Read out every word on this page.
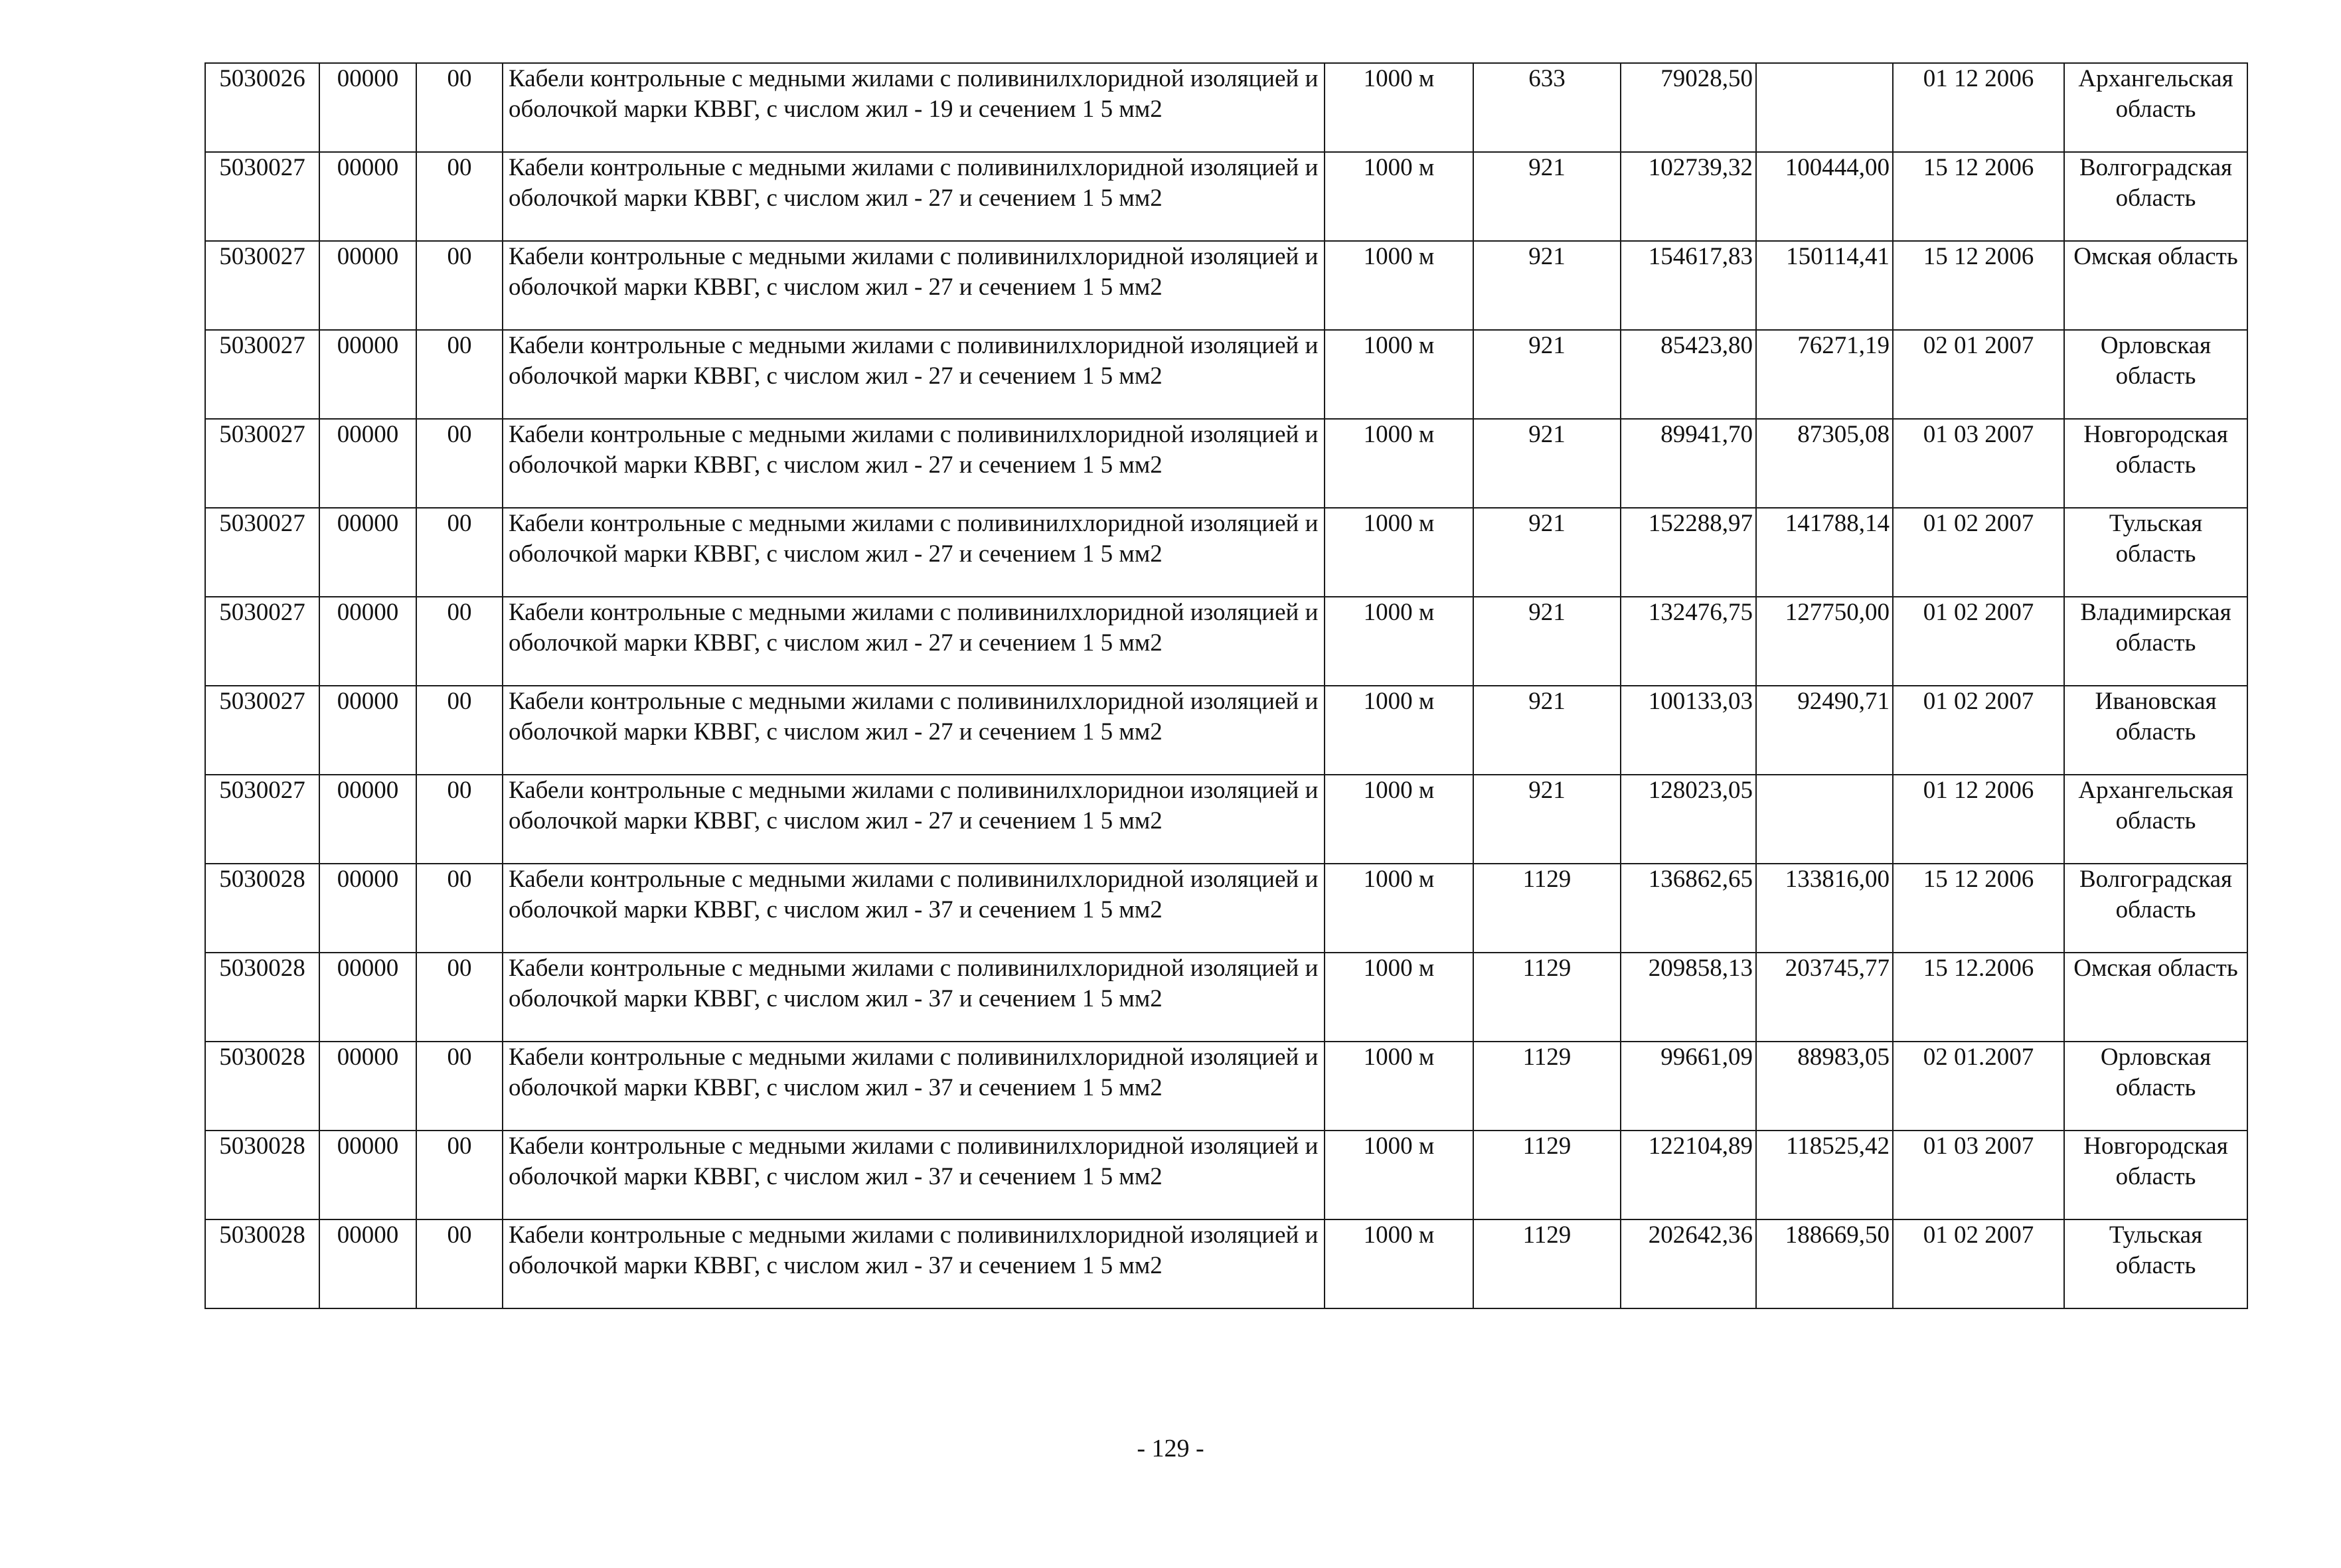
5030026	00000	00	Кабели контрольные с медными жилами с поливинилхлоридной изоляцией и оболочкой марки КВВГ, с числом жил - 19 и сечением 1 5 мм2	1000 м	633	79028,50		01 12 2006	Архангельская область
5030027	00000	00	Кабели контрольные с медными жилами с поливинилхлоридной изоляцией и оболочкой марки КВВГ, с числом жил - 27 и сечением 1 5 мм2	1000 м	921	102739,32	100444,00	15 12 2006	Волгоградская область
5030027	00000	00	Кабели контрольные с медными жилами с поливинилхлоридной изоляцией и оболочкой марки КВВГ, с числом жил - 27 и сечением 1 5 мм2	1000 м	921	154617,83	150114,41	15 12 2006	Омская область
5030027	00000	00	Кабели контрольные с медными жилами с поливинилхлоридной изоляцией и оболочкой марки КВВГ, с числом жил - 27 и сечением 1 5 мм2	1000 м	921	85423,80	76271,19	02 01 2007	Орловская область
5030027	00000	00	Кабели контрольные с медными жилами с поливинилхлоридной изоляцией и оболочкой марки КВВГ, с числом жил - 27 и сечением 1 5 мм2	1000 м	921	89941,70	87305,08	01 03 2007	Новгородская область
5030027	00000	00	Кабели контрольные с медными жилами с поливинилхлоридной изоляцией и оболочкой марки КВВГ, с числом жил - 27 и сечением 1 5 мм2	1000 м	921	152288,97	141788,14	01 02 2007	Тульская область
5030027	00000	00	Кабели контрольные с медными жилами с поливинилхлоридной изоляцией и оболочкой марки КВВГ, с числом жил - 27 и сечением 1 5 мм2	1000 м	921	132476,75	127750,00	01 02 2007	Владимирская область
5030027	00000	00	Кабели контрольные с медными жилами с поливинилхлоридной изоляцией и оболочкой марки КВВГ, с числом жил - 27 и сечением 1 5 мм2	1000 м	921	100133,03	92490,71	01 02 2007	Ивановская область
5030027	00000	00	Кабели контрольные с медными жилами с поливинилхлориднои изоляцией и оболочкой марки КВВГ, с числом жил - 27 и сечением 1 5 мм2	1000 м	921	128023,05		01 12 2006	Архангельская область
5030028	00000	00	Кабели контрольные с медными жилами с поливинилхлоридной изоляцией и оболочкой марки КВВГ, с числом жил - 37 и сечением 1 5 мм2	1000 м	1129	136862,65	133816,00	15 12 2006	Волгоградская область
5030028	00000	00	Кабели контрольные с медными жилами с поливинилхлоридной изоляцией и оболочкой марки КВВГ, с числом жил - 37 и сечением 1 5 мм2	1000 м	1129	209858,13	203745,77	15 12.2006	Омская область
5030028	00000	00	Кабели контрольные с медными жилами с поливинилхлоридной изоляцией и оболочкой марки КВВГ, с числом жил - 37 и сечением 1 5 мм2	1000 м	1129	99661,09	88983,05	02 01.2007	Орловская область
5030028	00000	00	Кабели контрольные с медными жилами с поливинилхлоридной изоляцией и оболочкой марки КВВГ, с числом жил - 37 и сечением 1 5 мм2	1000 м	1129	122104,89	118525,42	01 03 2007	Новгородская область
5030028	00000	00	Кабели контрольные с медными жилами с поливинилхлоридной изоляцией и оболочкой марки КВВГ, с числом жил - 37 и сечением 1 5 мм2	1000 м	1129	202642,36	188669,50	01 02 2007	Тульская область
- 129 -
